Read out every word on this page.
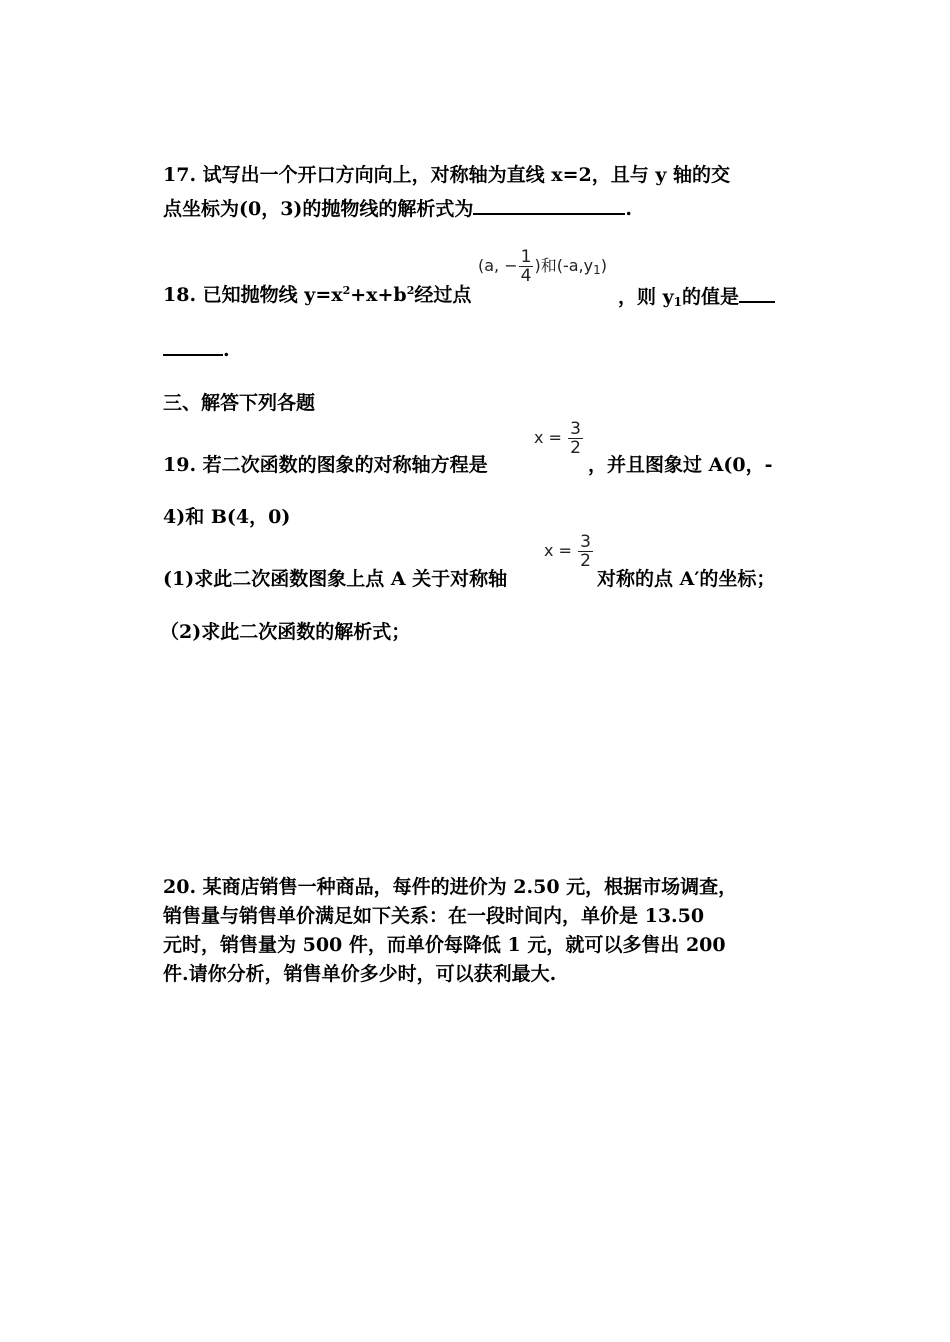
17. 试写出一个开口方向向上，对称轴为直线 x=2，且与 y 轴的交
点坐标为(0，3)的抛物线的解析式为	.
18. 已知抛物线 $y=x^2+x+b^2$经过点
(a, − $\frac{1}{4}$ )和$(-a,y_1)$
，则 $y_1$的值是
.
三、解答下列各题
19. 若二次函数的图象的对称轴方程是
$x = \frac{3}{2}$
，并且图象过 A(0，-
4)和 B(4，0)
(1)求此二次函数图象上点 A 关于对称轴
$x = \frac{3}{2}$
对称的点 A′的坐标；
（2)求此二次函数的解析式；
20. 某商店销售一种商品，每件的进价为 2.50 元，根据市场调查，
销售量与销售单价满足如下关系：在一段时间内，单价是 13.50
元时，销售量为 500 件，而单价每降低 1 元，就可以多售出 200
件.请你分析，销售单价多少时，可以获利最大.
